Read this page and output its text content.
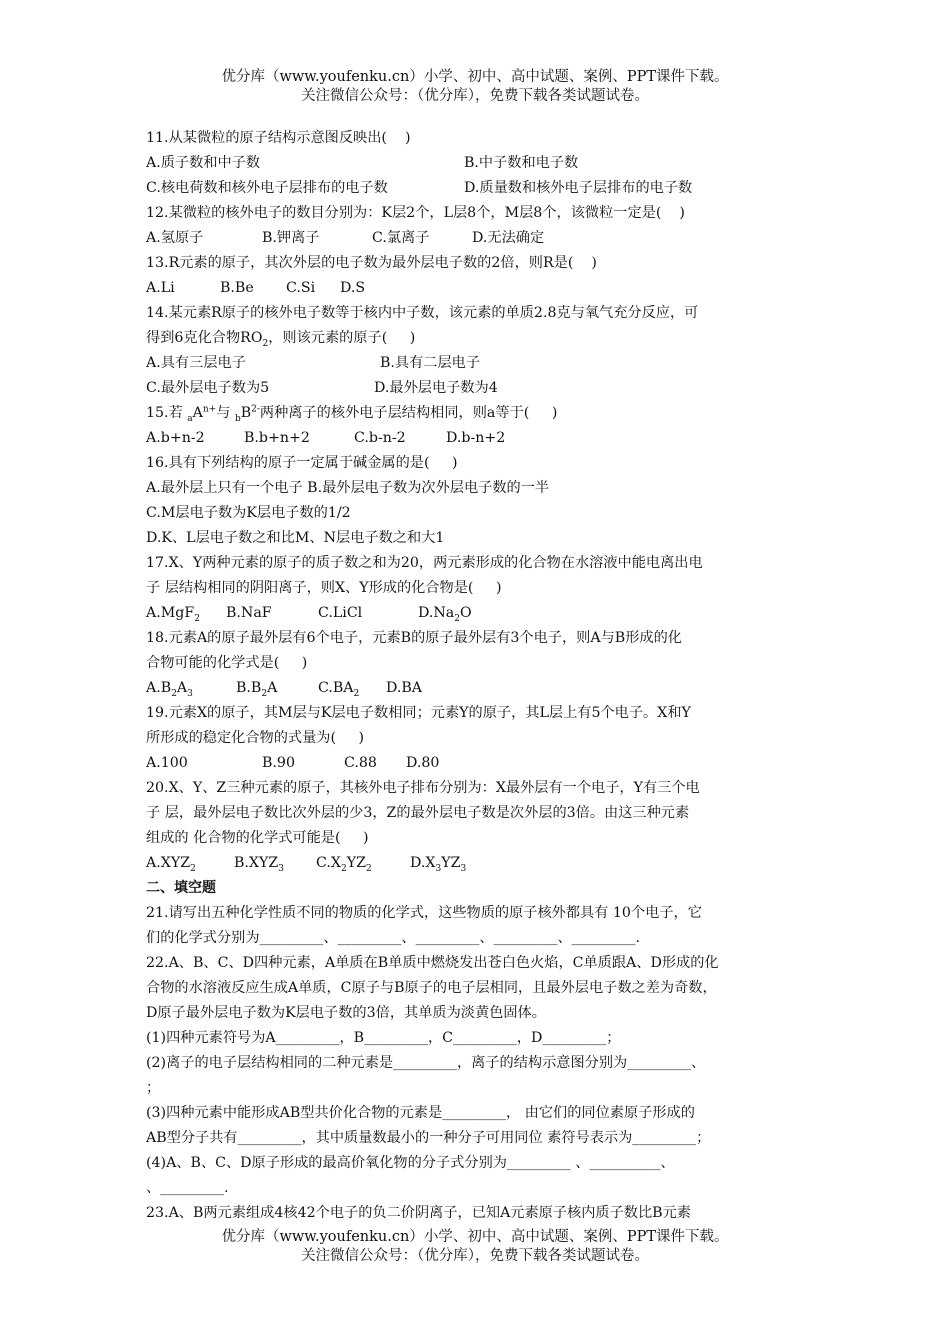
优分库（www.youfenku.cn）小学、初中、高中试题、案例、PPT课件下载。
关注微信公众号：（优分库），免费下载各类试题试卷。
11.从某微粒的原子结构示意图反映出(    )
A.质子数和中子数	B.中子数和电子数
C.核电荷数和核外电子层排布的电子数	D.质量数和核外电子层排布的电子数
12.某微粒的核外电子的数目分别为：K层2个，L层8个，M层8个，该微粒一定是(    )
A.氢原子	B.钾离子	C.氯离子	D.无法确定
13.R元素的原子，其次外层的电子数为最外层电子数的2倍，则R是(    )
A.Li	B.Be C.Si D.S
14.某元素R原子的核外电子数等于核内中子数，该元素的单质2.8克与氧气充分反应，可
得到6克化合物$RO_2$，则该元素的原子(     )
A.具有三层电子	B.具有二层电子
C.最外层电子数为5	D.最外层电子数为4
15.若 $_aA^{n+}$与 $_bB^{2-}$两种离子的核外电子层结构相同，则a等于(     )
A.b+n-2	B.b+n+2	C.b-n-2	D.b-n+2
16.具有下列结构的原子一定属于碱金属的是(     )
A.最外层上只有一个电子 B.最外层电子数为次外层电子数的一半
C.M层电子数为K层电子数的1/2
D.K、L层电子数之和比M、N层电子数之和大1
17.X、Y两种元素的原子的质子数之和为20，两元素形成的化合物在水溶液中能电离出电
子 层结构相同的阴阳离子，则X、Y形成的化合物是(     )
A.MgF$_2$ B.NaF	C.LiCl	$D.Na_2O$
18.元素A的原子最外层有6个电子，元素B的原子最外层有3个电子，则A与B形成的化
合物可能的化学式是(     )
$A.B_2A_3$	$B.B_2A$	$C.BA_2$ D.BA
19.元素X的原子，其M层与K层电子数相同；元素Y的原子，其L层上有5个电子。X和Y
所形成的稳定化合物的式量为(     )
A.100	B.90	C.88 D.80
20.X、Y、Z三种元素的原子，其核外电子排布分别为：X最外层有一个电子，Y有三个电
子 层，最外层电子数比次外层的少3，Z的最外层电子数是次外层的3倍。由这三种元素
组成的 化合物的化学式可能是(     )
$A.XYZ_2$	$B.XYZ_3$ $C.X_2YZ_2$	$D.X_3YZ_3$
二、填空题
21.请写出五种化学性质不同的物质的化学式，这些物质的原子核外都具有 10个电子，它
们的化学式分别为_________、_________、_________、_________、_________.
22.A、B、C、D四种元素，A单质在B单质中燃烧发出苍白色火焰，C单质跟A、D形成的化
合物的水溶液反应生成A单质，C原子与B原子的电子层相同，且最外层电子数之差为奇数，
D原子最外层电子数为K层电子数的3倍，其单质为淡黄色固体。
(1)四种元素符号为A_________，B_________，C_________，D_________；
(2)离子的电子层结构相同的二种元素是_________，离子的结构示意图分别为_________、
；
(3)四种元素中能形成AB型共价化合物的元素是_________， 由它们的同位素原子形成的
AB型分子共有_________，其中质量数最小的一种分子可用同位 素符号表示为_________；
(4)A、B、C、D原子形成的最高价氧化物的分子式分别为_________ 、__________、
、_________.
23.A、B两元素组成4核42个电子的负二价阴离子，已知A元素原子核内质子数比B元素
优分库（www.youfenku.cn）小学、初中、高中试题、案例、PPT课件下载。
关注微信公众号：（优分库），免费下载各类试题试卷。
